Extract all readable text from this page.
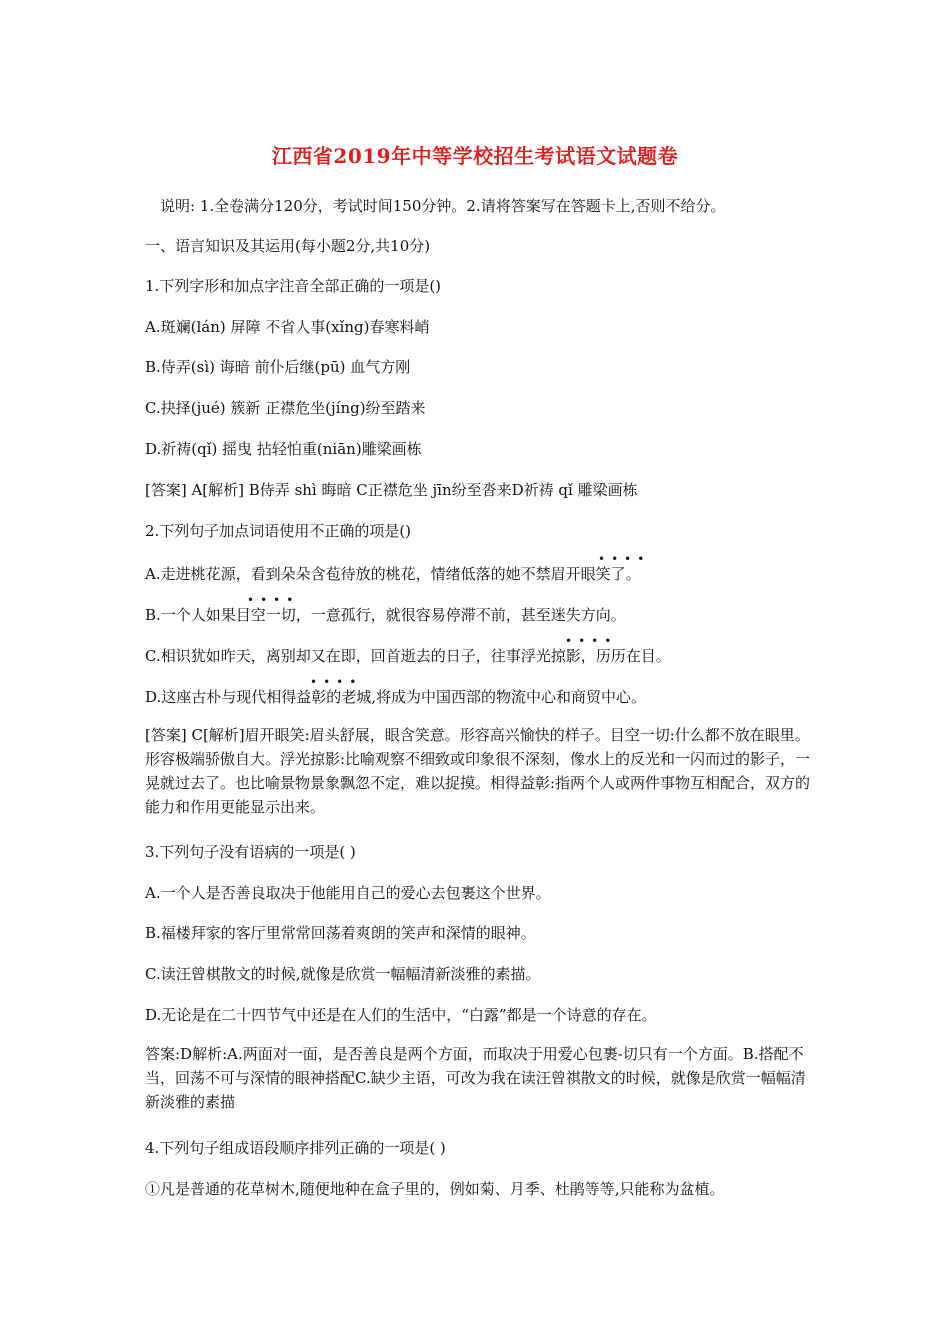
江西省2019年中等学校招生考试语文试题卷
说明: 1.全卷满分120分，考试时间150分钟。2.请将答案写在答题卡上,否则不给分。
一、语言知识及其运用(每小题2分,共10分)
1.下列字形和加点字注音全部正确的一项是()
A.斑斓(lán) 屏障 不省人事(xǐng)春寒料峭
B.侍弄(sì) 诲暗 前仆后继(pū) 血气方刚
C.抉择(jué) 簇新 正襟危坐(jíng)纷至踏来
D.祈祷(qǐ) 摇曳 拈轻怕重(niān)雕梁画栋
[答案] A[解析] B侍弄 shì 晦暗 C正襟危坐 jīn纷至沓来D祈祷 qǐ 雕梁画栋
2.下列句子加点词语使用不正确的项是()
••••
A.走进桃花源，看到朵朵含苞待放的桃花，情绪低落的她不禁眉开眼笑了。
••••
B.一个人如果目空一切，一意孤行，就很容易停滞不前，甚至迷失方向。
••••
C.相识犹如昨天，离别却又在即，回首逝去的日子，往事浮光掠影，历历在目。
••••
D.这座古朴与现代相得益彰的老城,将成为中国西部的物流中心和商贸中心。
[答案] C[解析]眉开眼笑:眉头舒展，眼含笑意。形容高兴愉快的样子。目空一切:什么都不放在眼里。形容极端骄傲自大。浮光掠影:比喻观察不细致或印象很不深刻，像水上的反光和一闪而过的影子，一晃就过去了。也比喻景物景象飘忽不定，难以捉摸。相得益彰:指两个人或两件事物互相配合，双方的能力和作用更能显示出来。
3.下列句子没有语病的一项是( )
A.一个人是否善良取决于他能用自己的爱心去包裹这个世界。
B.福楼拜家的客厅里常常回荡着爽朗的笑声和深情的眼神。
C.读汪曾棋散文的时候,就像是欣赏一幅幅清新淡雅的素描。
D.无论是在二十四节气中还是在人们的生活中，“白露”都是一个诗意的存在。
答案:D解析:A.两面对一面，是否善良是两个方面，而取决于用爱心包裹-切只有一个方面。B.搭配不当，回荡不可与深情的眼神搭配C.缺少主语，可改为我在读汪曾祺散文的时候，就像是欣赏一幅幅清新淡雅的素描
4.下列句子组成语段顺序排列正确的一项是( )
①凡是普通的花草树木,随便地种在盒子里的，例如菊、月季、杜鹃等等,只能称为盆植。
